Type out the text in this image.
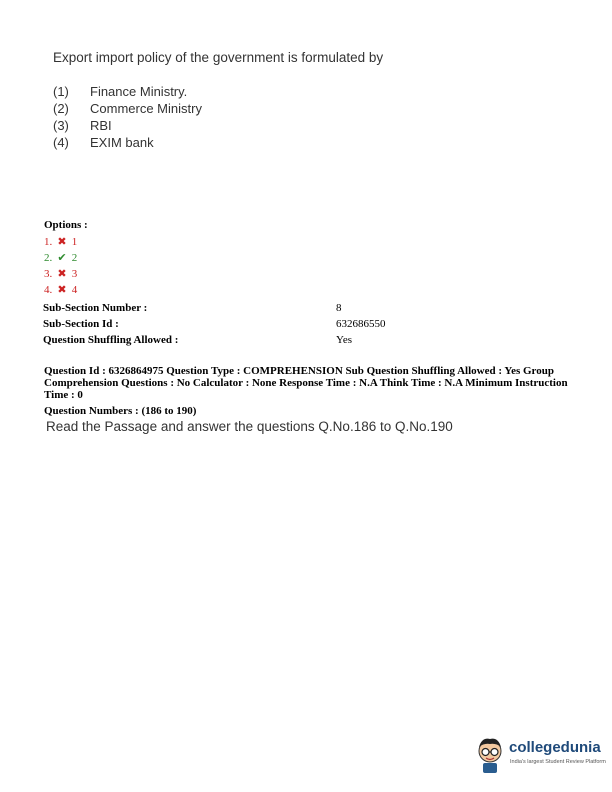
Export import policy of the government is formulated by
(1) Finance Ministry.
(2) Commerce Ministry
(3) RBI
(4) EXIM bank
Options :
1. ✖ 1
2. ✔ 2
3. ✖ 3
4. ✖ 4
Sub-Section Number :	8
Sub-Section Id :	632686550
Question Shuffling Allowed :	Yes
Question Id : 6326864975 Question Type : COMPREHENSION Sub Question Shuffling Allowed : Yes Group Comprehension Questions : No Calculator : None Response Time : N.A Think Time : N.A Minimum Instruction Time : 0
Question Numbers : (186 to 190)
Read the Passage and answer the questions Q.No.186 to Q.No.190
collegedunia
India's largest Student Review Platform
